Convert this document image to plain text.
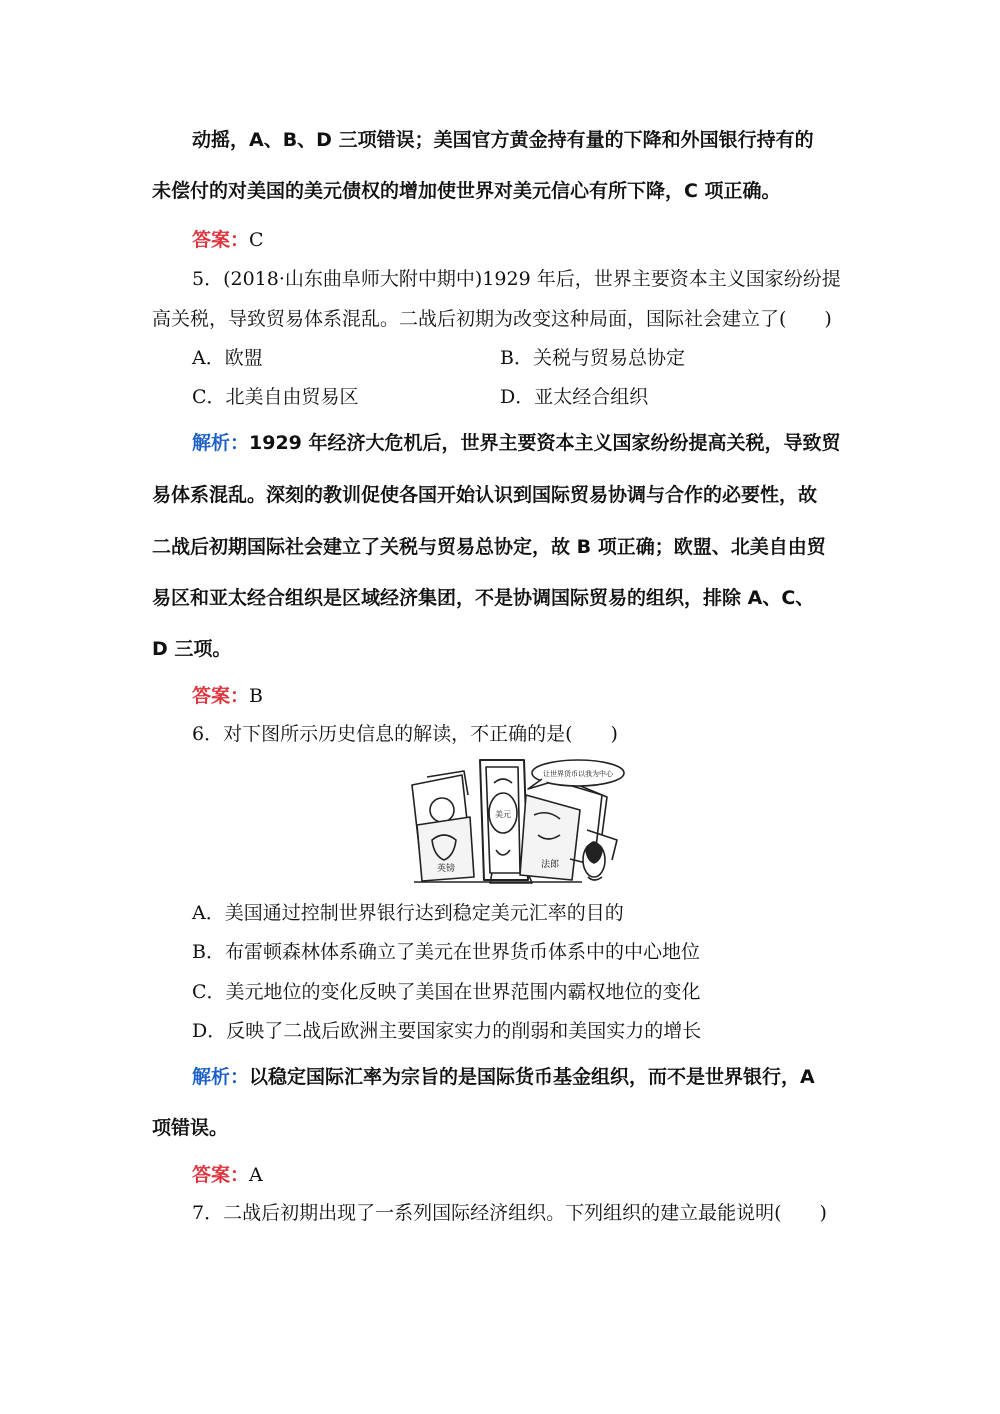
动摇，A、B、D 三项错误；美国官方黄金持有量的下降和外国银行持有的
未偿付的对美国的美元债权的增加使世界对美元信心有所下降，C 项正确。
答案：C
5．(2018·山东曲阜师大附中期中)1929 年后，世界主要资本主义国家纷纷提
高关税，导致贸易体系混乱。二战后初期为改变这种局面，国际社会建立了(　　)
A．欧盟	B．关税与贸易总协定
C．北美自由贸易区	D．亚太经合组织
解析：1929 年经济大危机后，世界主要资本主义国家纷纷提高关税，导致贸
易体系混乱。深刻的教训促使各国开始认识到国际贸易协调与合作的必要性，故
二战后初期国际社会建立了关税与贸易总协定，故 B 项正确；欧盟、北美自由贸
易区和亚太经合组织是区域经济集团，不是协调国际贸易的组织，排除 A、C、
D 三项。
答案：B
6．对下图所示历史信息的解读，不正确的是(　　)
让世界货币以我为中心
美元
英镑	法郎
A．美国通过控制世界银行达到稳定美元汇率的目的
B．布雷顿森林体系确立了美元在世界货币体系中的中心地位
C．美元地位的变化反映了美国在世界范围内霸权地位的变化
D．反映了二战后欧洲主要国家实力的削弱和美国实力的增长
解析：以稳定国际汇率为宗旨的是国际货币基金组织，而不是世界银行，A
项错误。
答案：A
7．二战后初期出现了一系列国际经济组织。下列组织的建立最能说明(　　)
